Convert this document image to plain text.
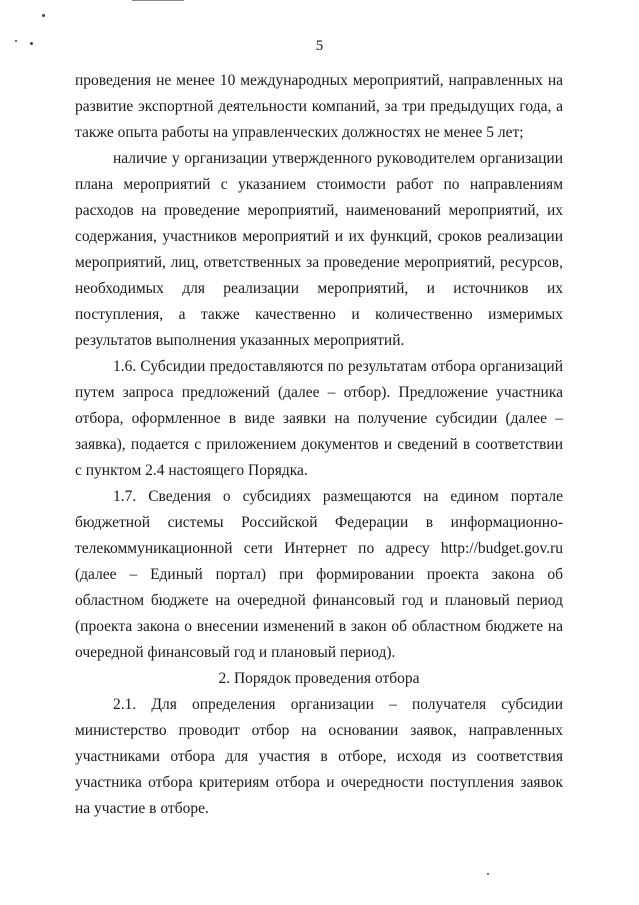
5

проведения не менее 10 международных мероприятий, направленных на развитие экспортной деятельности компаний, за три предыдущих года, а также опыта работы на управленческих должностях не менее 5 лет;

наличие у организации утвержденного руководителем организации плана мероприятий с указанием стоимости работ по направлениям расходов на проведение мероприятий, наименований мероприятий, их содержания, участников мероприятий и их функций, сроков реализации мероприятий, лиц, ответственных за проведение мероприятий, ресурсов, необходимых для реализации мероприятий, и источников их поступления, а также качественно и количественно измеримых результатов выполнения указанных мероприятий.

1.6. Субсидии предоставляются по результатам отбора организаций путем запроса предложений (далее – отбор). Предложение участника отбора, оформленное в виде заявки на получение субсидии (далее – заявка), подается с приложением документов и сведений в соответствии с пунктом 2.4 настоящего Порядка.

1.7. Сведения о субсидиях размещаются на едином портале бюджетной системы Российской Федерации в информационно-телекоммуникационной сети Интернет по адресу http://budget.gov.ru (далее – Единый портал) при формировании проекта закона об областном бюджете на очередной финансовый год и плановый период (проекта закона о внесении изменений в закон об областном бюджете на очередной финансовый год и плановый период).

2. Порядок проведения отбора

2.1. Для определения организации – получателя субсидии министерство проводит отбор на основании заявок, направленных участниками отбора для участия в отборе, исходя из соответствия участника отбора критериям отбора и очередности поступления заявок на участие в отборе.
